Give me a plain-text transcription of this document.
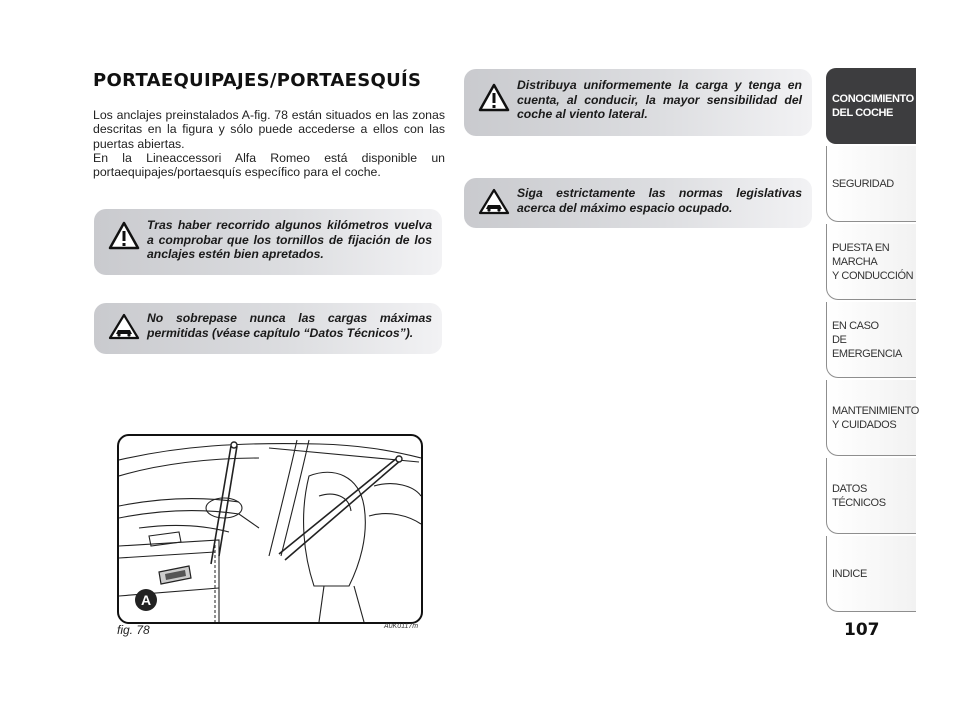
PORTAEQUIPAJES/PORTAESQUÍS

Los anclajes preinstalados A-fig. 78 están situados en las zonas descritas en la figura y sólo puede accederse a ellos con las puertas abiertas.

En la Lineaccessori Alfa Romeo está disponible un portaequipajes/portaesquís específico para el coche.

Tras haber recorrido algunos kilómetros vuelva a comprobar que los tornillos de fijación de los anclajes estén bien apretados.
No sobrepase nunca las cargas máximas permitidas (véase capítulo “Datos Técnicos”).
Distribuya uniformemente la carga y tenga en cuenta, al conducir, la mayor sensibilidad del coche al viento lateral.
Siga estrictamente las normas legislativas acerca del máximo espacio ocupado.
A
fig. 78	A0K0117m
CONOCIMIENTO
DEL COCHE
SEGURIDAD
PUESTA EN MARCHA
Y CONDUCCIÓN
EN CASO
DE EMERGENCIA
MANTENIMIENTO
Y CUIDADOS
DATOS TÉCNICOS
INDICE
107
